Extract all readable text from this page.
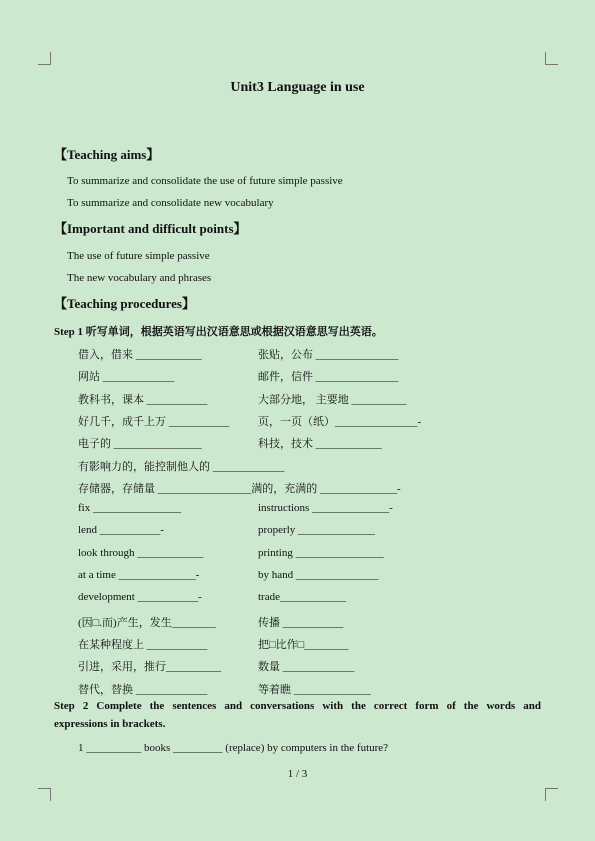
Unit3 Language in use
【Teaching aims】
To summarize and consolidate the use of future simple passive
To summarize and consolidate new vocabulary
【Important and difficult points】
The use of future simple passive
The new vocabulary and phrases
【Teaching procedures】
Step 1 听写单词，根据英语写出汉语意思或根据汉语意思写出英语。
借入，借来 ____________	张贴，公布 _______________
网站 _____________	邮件，信件 _______________
教科书，课本 ___________	大部分地， 主要地 __________
好几千，成千上万 ___________	页，一页（纸）_______________-
电子的 ________________	科技，技术 ____________
有影响力的，能控制他人的 _____________
存储器，存储量 _________________满的，充满的 ______________-
fix ________________	instructions ______________-
lend ___________-	properly ______________
look through ____________	printing ________________
at a time ______________-	by hand _______________
development ___________-	trade____________
(因□.而)产生，发生________	传播 ___________
在某种程度上 ___________	把□比作□________
引进，采用，推行__________	数量 _____________
替代，替换 _____________	等着瞧 ______________
Step 2 Complete the sentences and conversations with the correct form of the words and
expressions in brackets.
1 __________ books _________ (replace) by computers in the future?
1 / 3
